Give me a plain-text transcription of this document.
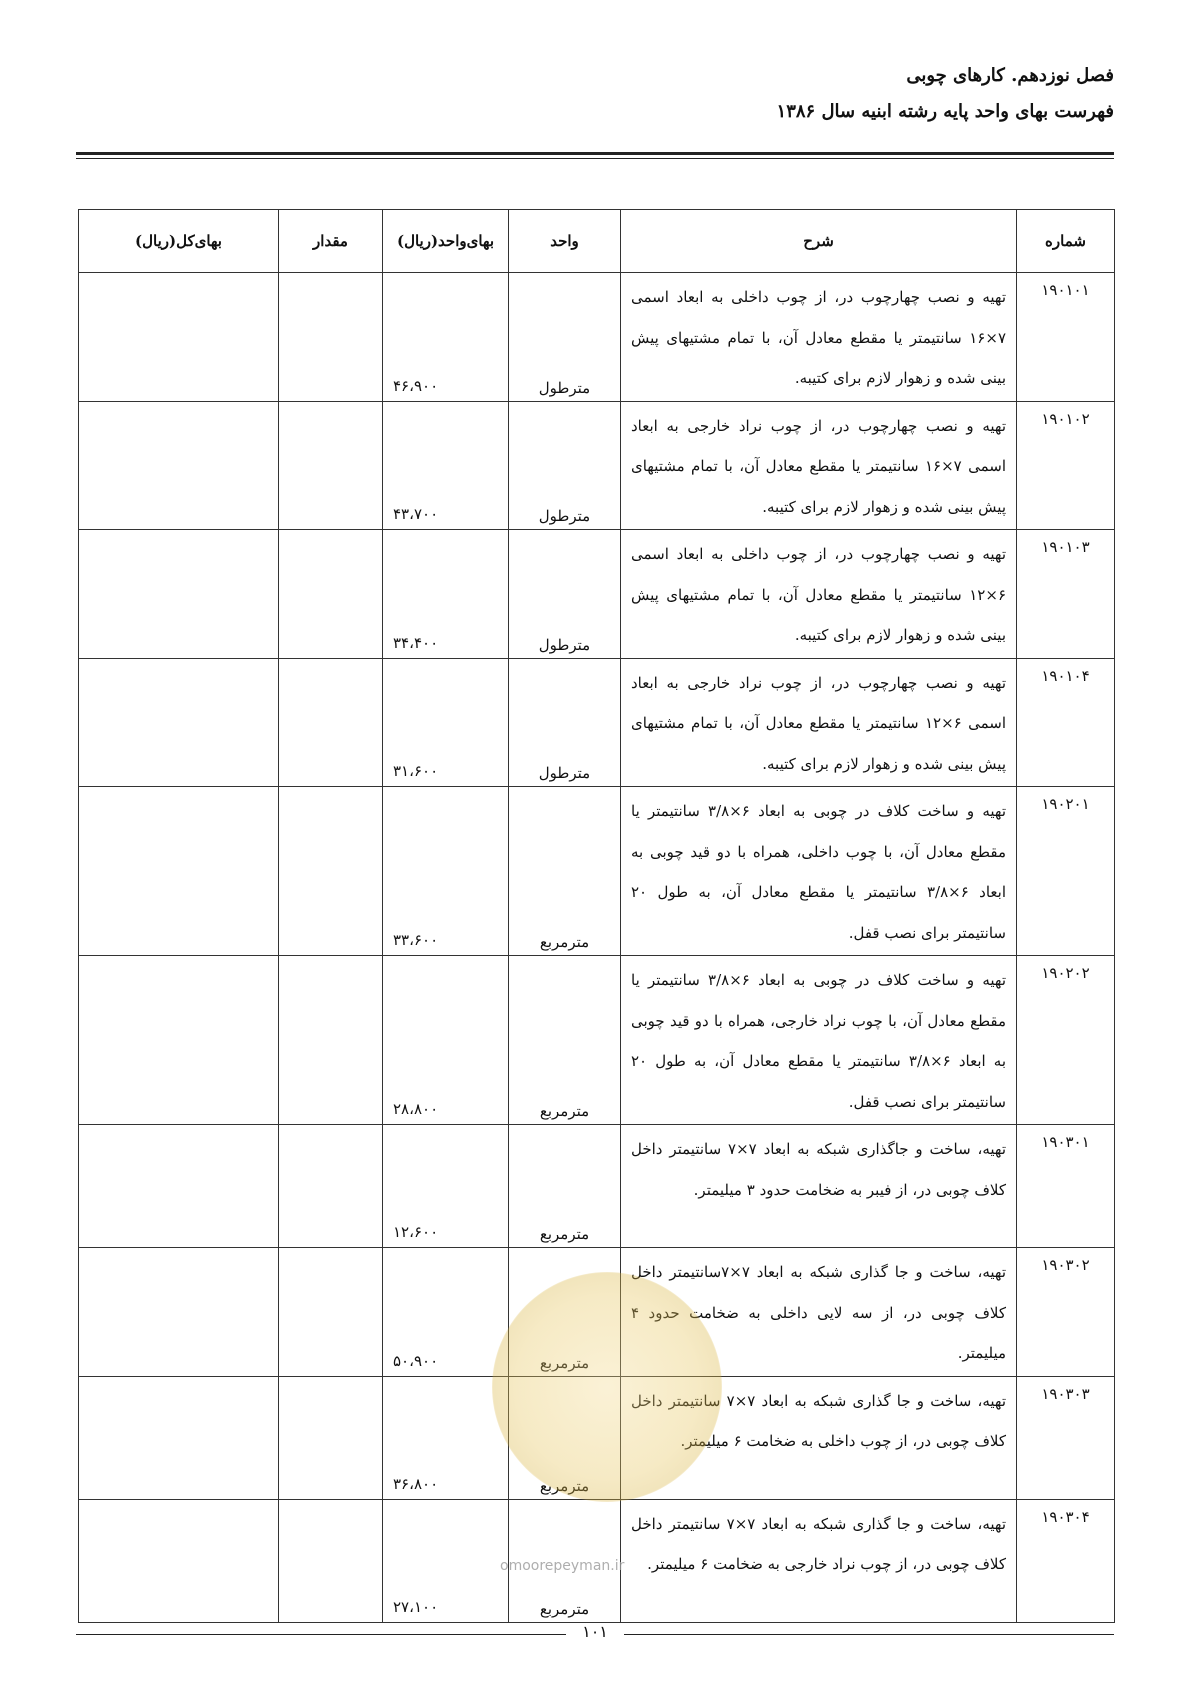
فصل نوزدهم. کارهای چوبی
فهرست بهای واحد پایه رشته ابنیه سال ۱۳۸۶
شماره	شرح	واحد	بهای‌واحد(ریال)	مقدار	بهای‌کل(ریال)
۱۹۰۱۰۱	تهیه و نصب چهارچوب در، از چوب داخلی به ابعاد اسمی ۷×۱۶ سانتیمتر یا مقطع معادل آن، با تمام مشتیهای پیش بینی شده و زهوار لازم برای کتیبه.	مترطول	۴۶،۹۰۰		
۱۹۰۱۰۲	تهیه و نصب چهارچوب در، از چوب نراد خارجی به ابعاد اسمی ۷×۱۶ سانتیمتر یا مقطع معادل آن، با تمام مشتیهای پیش بینی شده و زهوار لازم برای کتیبه.	مترطول	۴۳،۷۰۰		
۱۹۰۱۰۳	تهیه و نصب چهارچوب در، از چوب داخلی به ابعاد اسمی ۶×۱۲ سانتیمتر یا مقطع معادل آن، با تمام مشتیهای پیش بینی شده و زهوار لازم برای کتیبه.	مترطول	۳۴،۴۰۰		
۱۹۰۱۰۴	تهیه و نصب چهارچوب در، از چوب نراد خارجی به ابعاد اسمی ۶×۱۲ سانتیمتر یا مقطع معادل آن، با تمام مشتیهای پیش بینی شده و زهوار لازم برای کتیبه.	مترطول	۳۱،۶۰۰		
۱۹۰۲۰۱	تهیه و ساخت کلاف در چوبی به ابعاد ۶×۳/۸ سانتیمتر یا مقطع معادل آن، با چوب داخلی، همراه با دو قید چوبی به ابعاد ۶×۳/۸ سانتیمتر یا مقطع معادل آن، به طول ۲۰ سانتیمتر برای نصب قفل.	مترمربع	۳۳،۶۰۰		
۱۹۰۲۰۲	تهیه و ساخت کلاف در چوبی به ابعاد ۶×۳/۸ سانتیمتر یا مقطع معادل آن، با چوب نراد خارجی، همراه با دو قید چوبی به ابعاد ۶×۳/۸ سانتیمتر یا مقطع معادل آن، به طول ۲۰ سانتیمتر برای نصب قفل.	مترمربع	۲۸،۸۰۰		
۱۹۰۳۰۱	تهیه، ساخت و جاگذاری شبکه به ابعاد ۷×۷ سانتیمتر داخل کلاف چوبی در، از فیبر به ضخامت حدود ۳ میلیمتر.	مترمربع	۱۲،۶۰۰		
۱۹۰۳۰۲	تهیه، ساخت و جا گذاری شبکه به ابعاد ۷×۷سانتیمتر داخل کلاف چوبی در، از سه لایی داخلی به ضخامت حدود ۴ میلیمتر.	مترمربع	۵۰،۹۰۰		
۱۹۰۳۰۳	تهیه، ساخت و جا گذاری شبکه به ابعاد ۷×۷ سانتیمتر داخل کلاف چوبی در، از چوب داخلی به ضخامت ۶ میلیمتر.	مترمربع	۳۶،۸۰۰		
۱۹۰۳۰۴	تهیه، ساخت و جا گذاری شبکه به ابعاد ۷×۷ سانتیمتر داخل کلاف چوبی در، از چوب نراد خارجی به ضخامت ۶ میلیمتر.	مترمربع	۲۷،۱۰۰		
omoorepeyman.ir
۱۰۱
